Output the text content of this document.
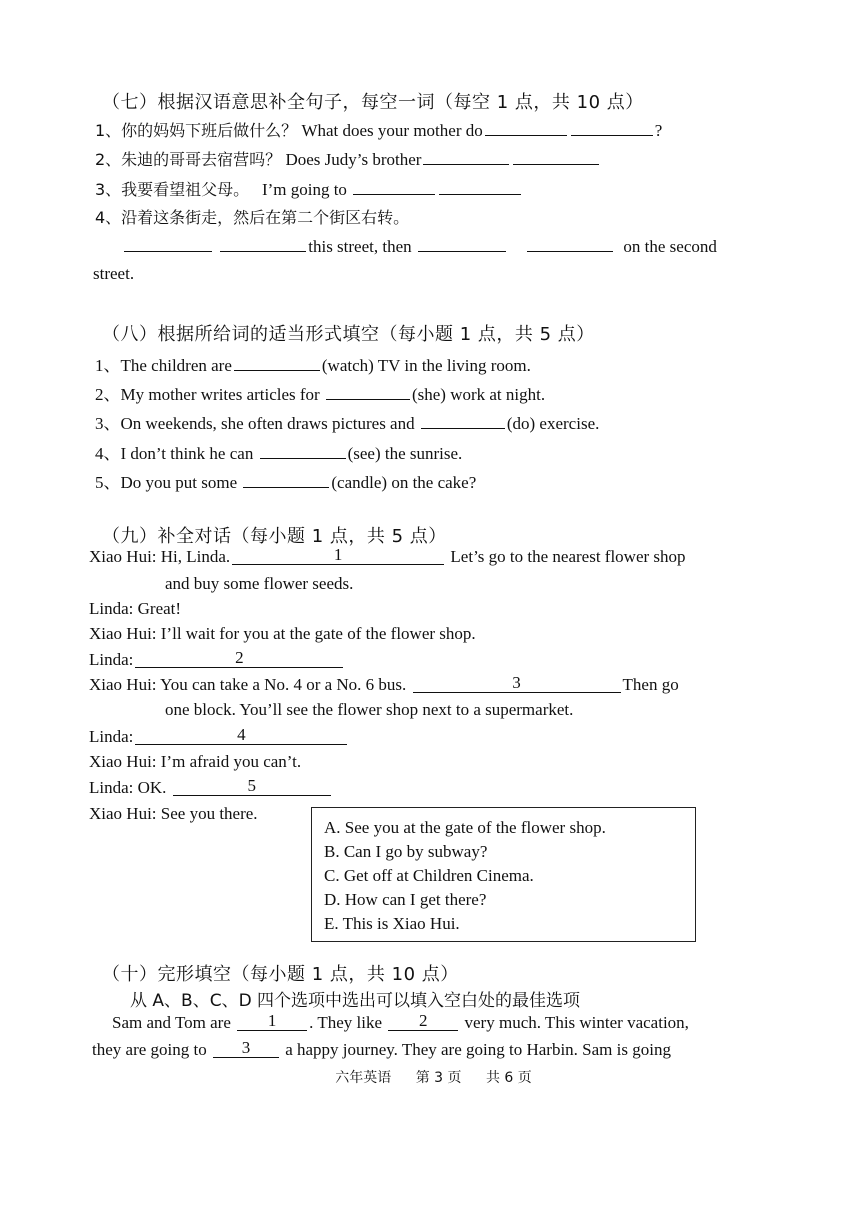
（七）根据汉语意思补全句子，每空一词（每空 1 点，共 10 点）
1、你的妈妈下班后做什么？ What does your mother do	?
2、朱迪的哥哥去宿营吗？ Does Judy’s brother
3、我要看望祖父母。 I’m going to
4、沿着这条街走，然后在第二个街区右转。
this street, then	on the second
street.
（八）根据所给词的适当形式填空（每小题 1 点，共 5 点）
1、The children are	(watch) TV in the living room.
2、My mother writes articles for	(she) work at night.
3、On weekends, she often draws pictures and	(do) exercise.
4、I don’t think he can	(see) the sunrise.
5、Do you put some	(candle) on the cake?
（九）补全对话（每小题 1 点，共 5 点）
Xiao Hui: Hi, Linda.	1	Let’s go to the nearest flower shop
and buy some flower seeds.
Linda: Great!
Xiao Hui: I’ll wait for you at the gate of the flower shop.
Linda:	2
Xiao Hui: You can take a No. 4 or a No. 6 bus.	3	Then go
one block. You’ll see the flower shop next to a supermarket.
Linda:	4
Xiao Hui: I’m afraid you can’t.
Linda: OK.	5
Xiao Hui: See you there.
A. See you at the gate of the flower shop.
B. Can I go by subway?
C. Get off at Children Cinema.
D. How can I get there?
E. This is Xiao Hui.
（十）完形填空（每小题 1 点，共 10 点）
从 A、B、C、D 四个选项中选出可以填入空白处的最佳选项
Sam and Tom are 1 . They like 2 very much. This winter vacation,
they are going to 3 a happy journey. They are going to Harbin. Sam is going
六年英语 第 3 页 共 6 页
